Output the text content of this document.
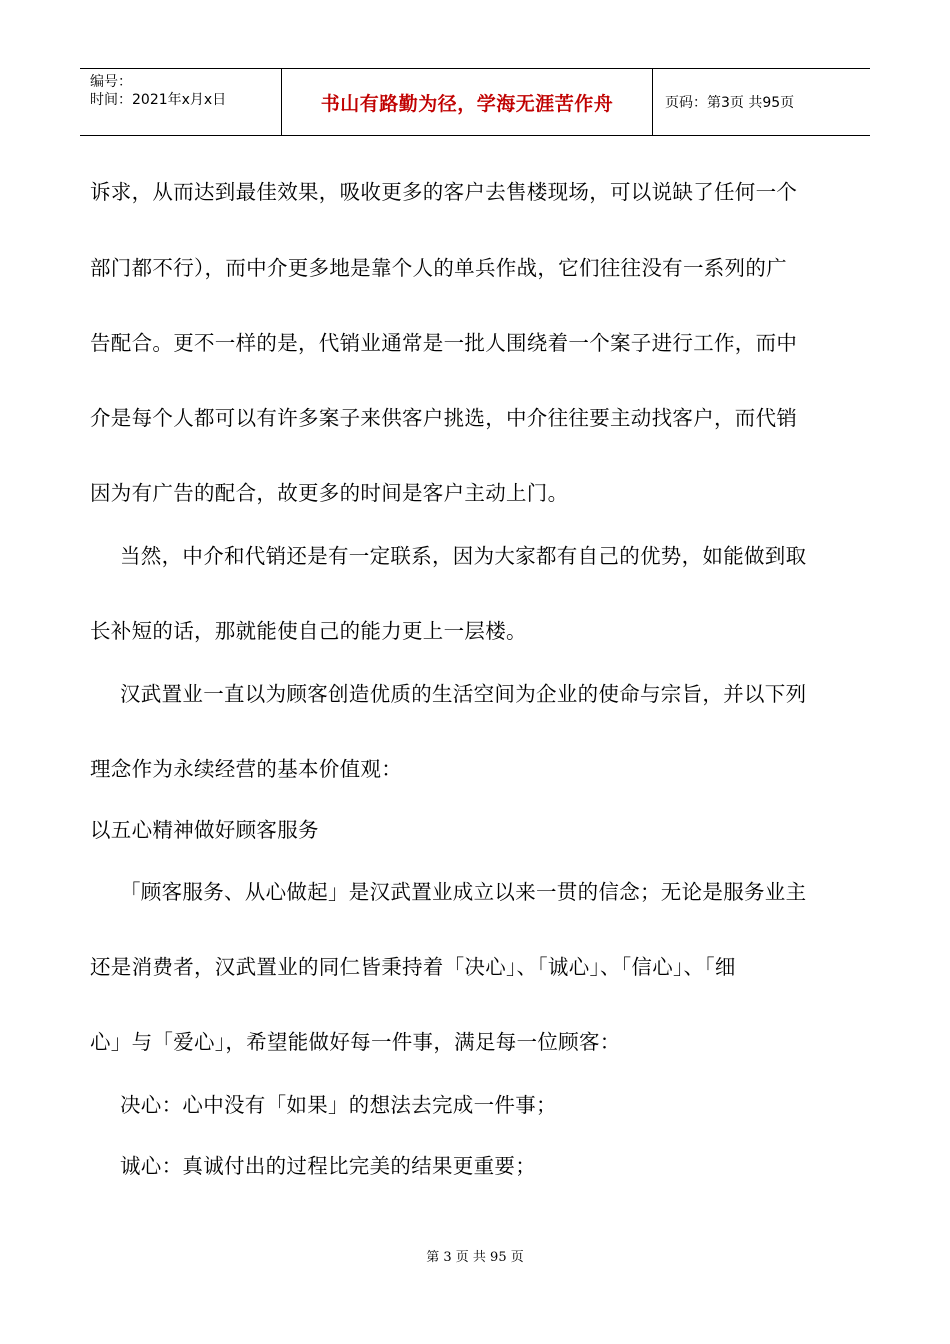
编号：
时间：2021年x月x日	书山有路勤为径，学海无涯苦作舟	页码：第3页 共95页
诉求，从而达到最佳效果，吸收更多的客户去售楼现场，可以说缺了任何一个
部门都不行），而中介更多地是靠个人的单兵作战，它们往往没有一系列的广
告配合。更不一样的是，代销业通常是一批人围绕着一个案子进行工作，而中
介是每个人都可以有许多案子来供客户挑选，中介往往要主动找客户，而代销
因为有广告的配合，故更多的时间是客户主动上门。
当然，中介和代销还是有一定联系，因为大家都有自己的优势，如能做到取
长补短的话，那就能使自己的能力更上一层楼。
汉武置业一直以为顾客创造优质的生活空间为企业的使命与宗旨，并以下列
理念作为永续经营的基本价值观：
以五心精神做好顾客服务
「顾客服务、从心做起」是汉武置业成立以来一贯的信念；无论是服务业主
还是消费者，汉武置业的同仁皆秉持着「决心」、「诚心」、「信心」、「细
心」与「爱心」，希望能做好每一件事，满足每一位顾客：
决心：心中没有「如果」的想法去完成一件事；
诚心：真诚付出的过程比完美的结果更重要；
第 3 页 共 95 页
